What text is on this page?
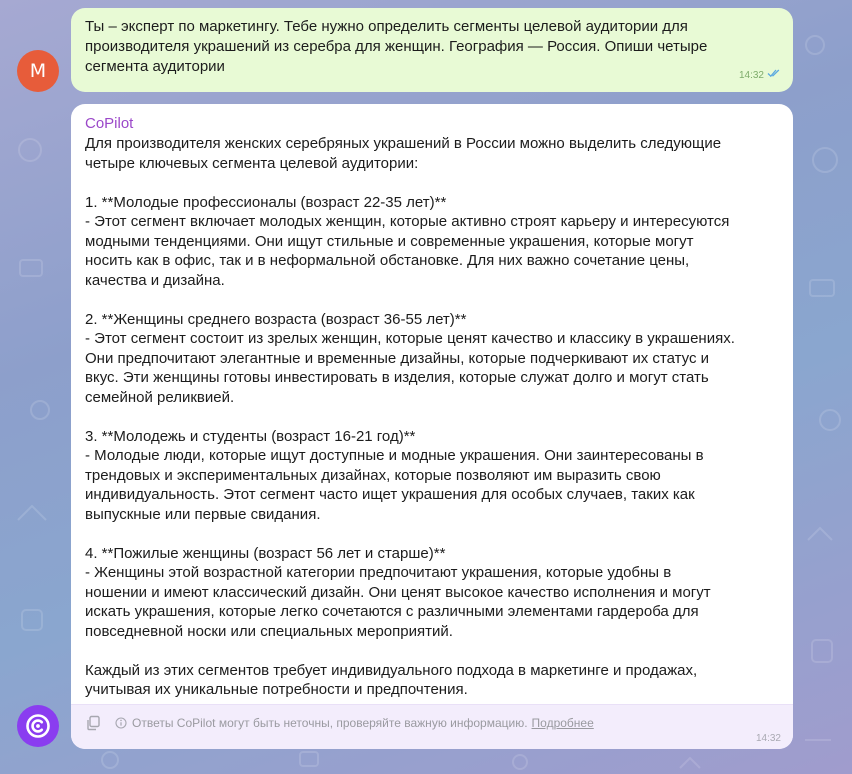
M
Ты – эксперт по маркетингу. Тебе нужно определить сегменты целевой аудитории для
производителя украшений из серебра для женщин. География — Россия. Опиши четыре
сегмента аудитории
14:32
CoPilot
Для производителя женских серебряных украшений в России можно выделить следующие
четыре ключевых сегмента целевой аудитории:
1. **Молодые профессионалы (возраст 22-35 лет)**
- Этот сегмент включает молодых женщин, которые активно строят карьеру и интересуются
модными тенденциями. Они ищут стильные и современные украшения, которые могут
носить как в офис, так и в неформальной обстановке. Для них важно сочетание цены,
качества и дизайна.
2. **Женщины среднего возраста (возраст 36-55 лет)**
- Этот сегмент состоит из зрелых женщин, которые ценят качество и классику в украшениях.
Они предпочитают элегантные и временные дизайны, которые подчеркивают их статус и
вкус. Эти женщины готовы инвестировать в изделия, которые служат долго и могут стать
семейной реликвией.
3. **Молодежь и студенты (возраст 16-21 год)**
- Молодые люди, которые ищут доступные и модные украшения. Они заинтересованы в
трендовых и экспериментальных дизайнах, которые позволяют им выразить свою
индивидуальность. Этот сегмент часто ищет украшения для особых случаев, таких как
выпускные или первые свидания.
4. **Пожилые женщины (возраст 56 лет и старше)**
- Женщины этой возрастной категории предпочитают украшения, которые удобны в
ношении и имеют классический дизайн. Они ценят высокое качество исполнения и могут
искать украшения, которые легко сочетаются с различными элементами гардероба для
повседневной носки или специальных мероприятий.
Каждый из этих сегментов требует индивидуального подхода в маркетинге и продажах,
учитывая их уникальные потребности и предпочтения.
Ответы CoPilot могут быть неточны, проверяйте важную информацию. Подробнее
14:32
